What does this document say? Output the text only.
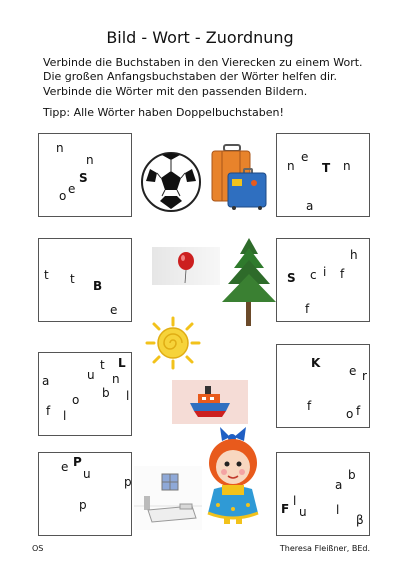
Bild - Wort - Zuordnung
Verbinde die Buchstaben in den Vierecken zu einem Wort.
Die großen Anfangsbuchstaben der Wörter helfen dir.
Verbinde die Wörter mit den passenden Bildern.
Tipp: Alle Wörter haben Doppelbuchstaben!
n
n
S
e
o
e
n T n
a
t t B
e
h
S c i f
f
L
t
u n
a
b
o	l
f l
K
e r
f
o f
P
e u
p
p
b
a
l
F u l
β
OS	Theresa Fleißner, BEd.
